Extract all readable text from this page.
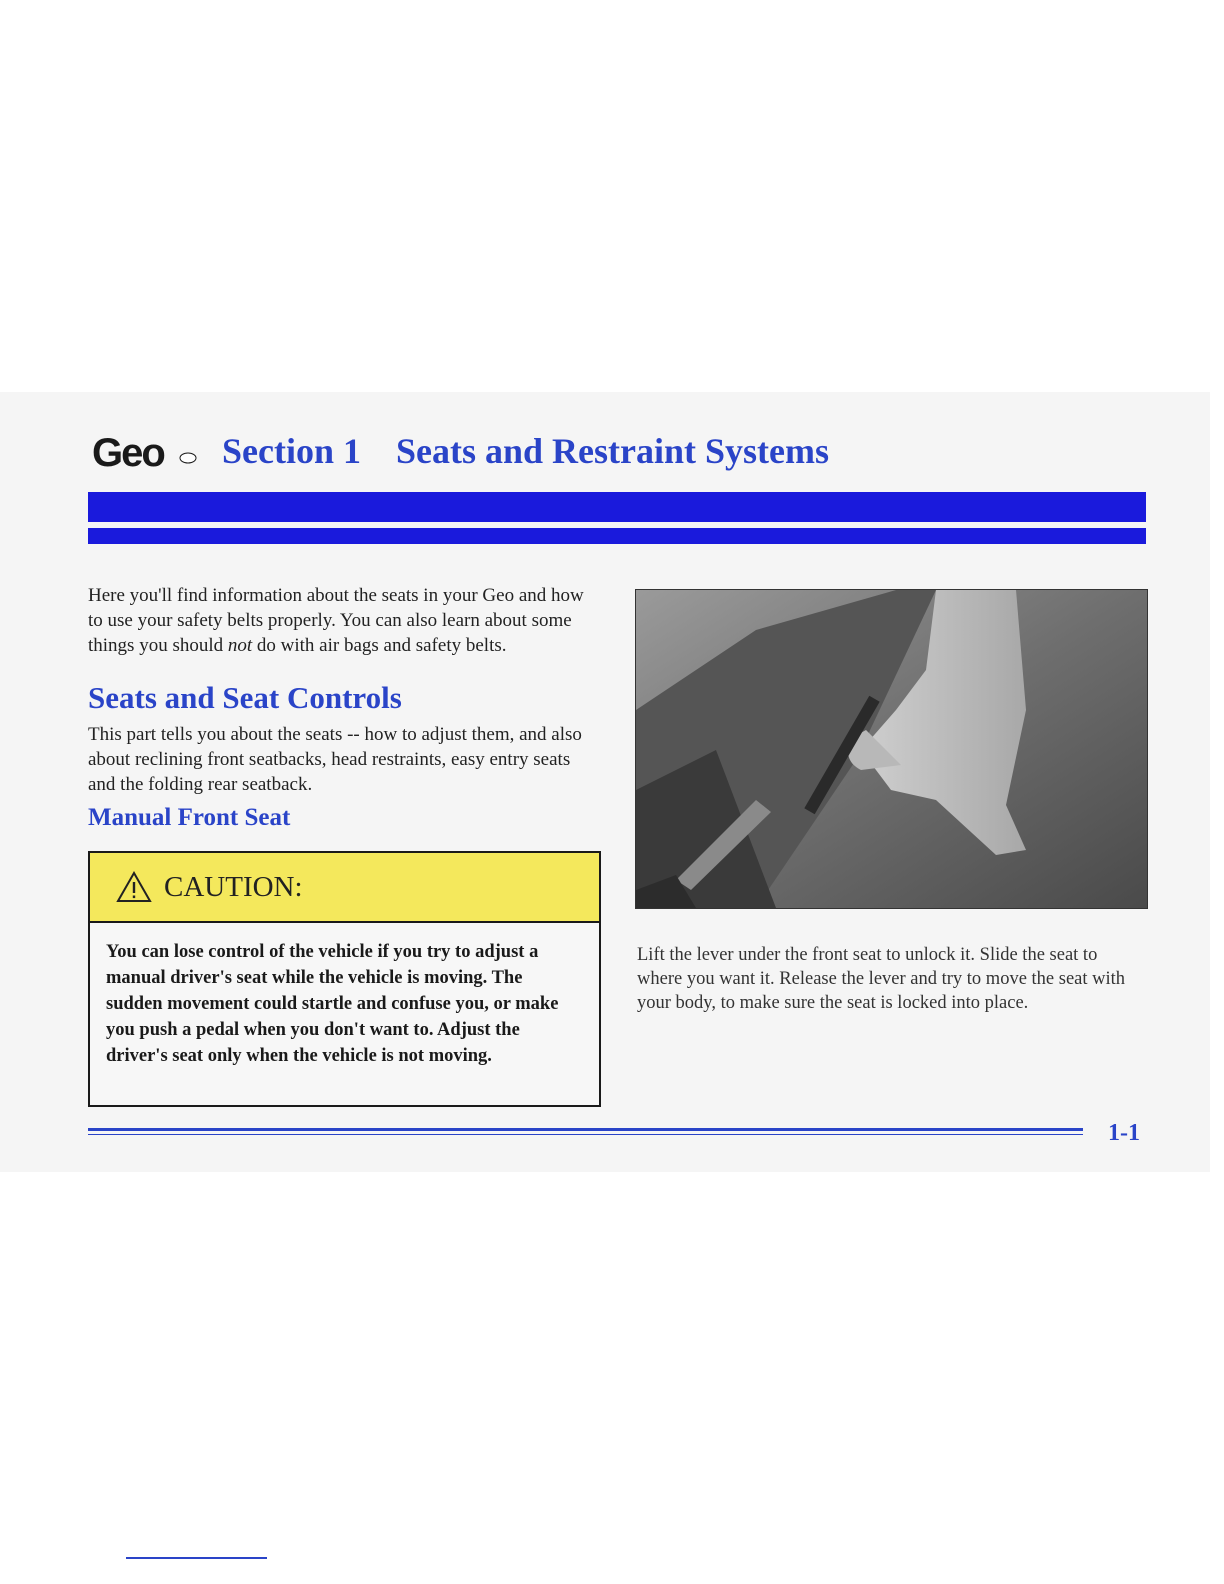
Geo Section 1 Seats and Restraint Systems
Here you'll find information about the seats in your Geo and how to use your safety belts properly. You can also learn about some things you should not do with air bags and safety belts.
Seats and Seat Controls
This part tells you about the seats -- how to adjust them, and also about reclining front seatbacks, head restraints, easy entry seats and the folding rear seatback.
Manual Front Seat
CAUTION:
You can lose control of the vehicle if you try to adjust a manual driver's seat while the vehicle is moving. The sudden movement could startle and confuse you, or make you push a pedal when you don't want to. Adjust the driver's seat only when the vehicle is not moving.
Lift the lever under the front seat to unlock it. Slide the seat to where you want it. Release the lever and try to move the seat with your body, to make sure the seat is locked into place.
1-1
